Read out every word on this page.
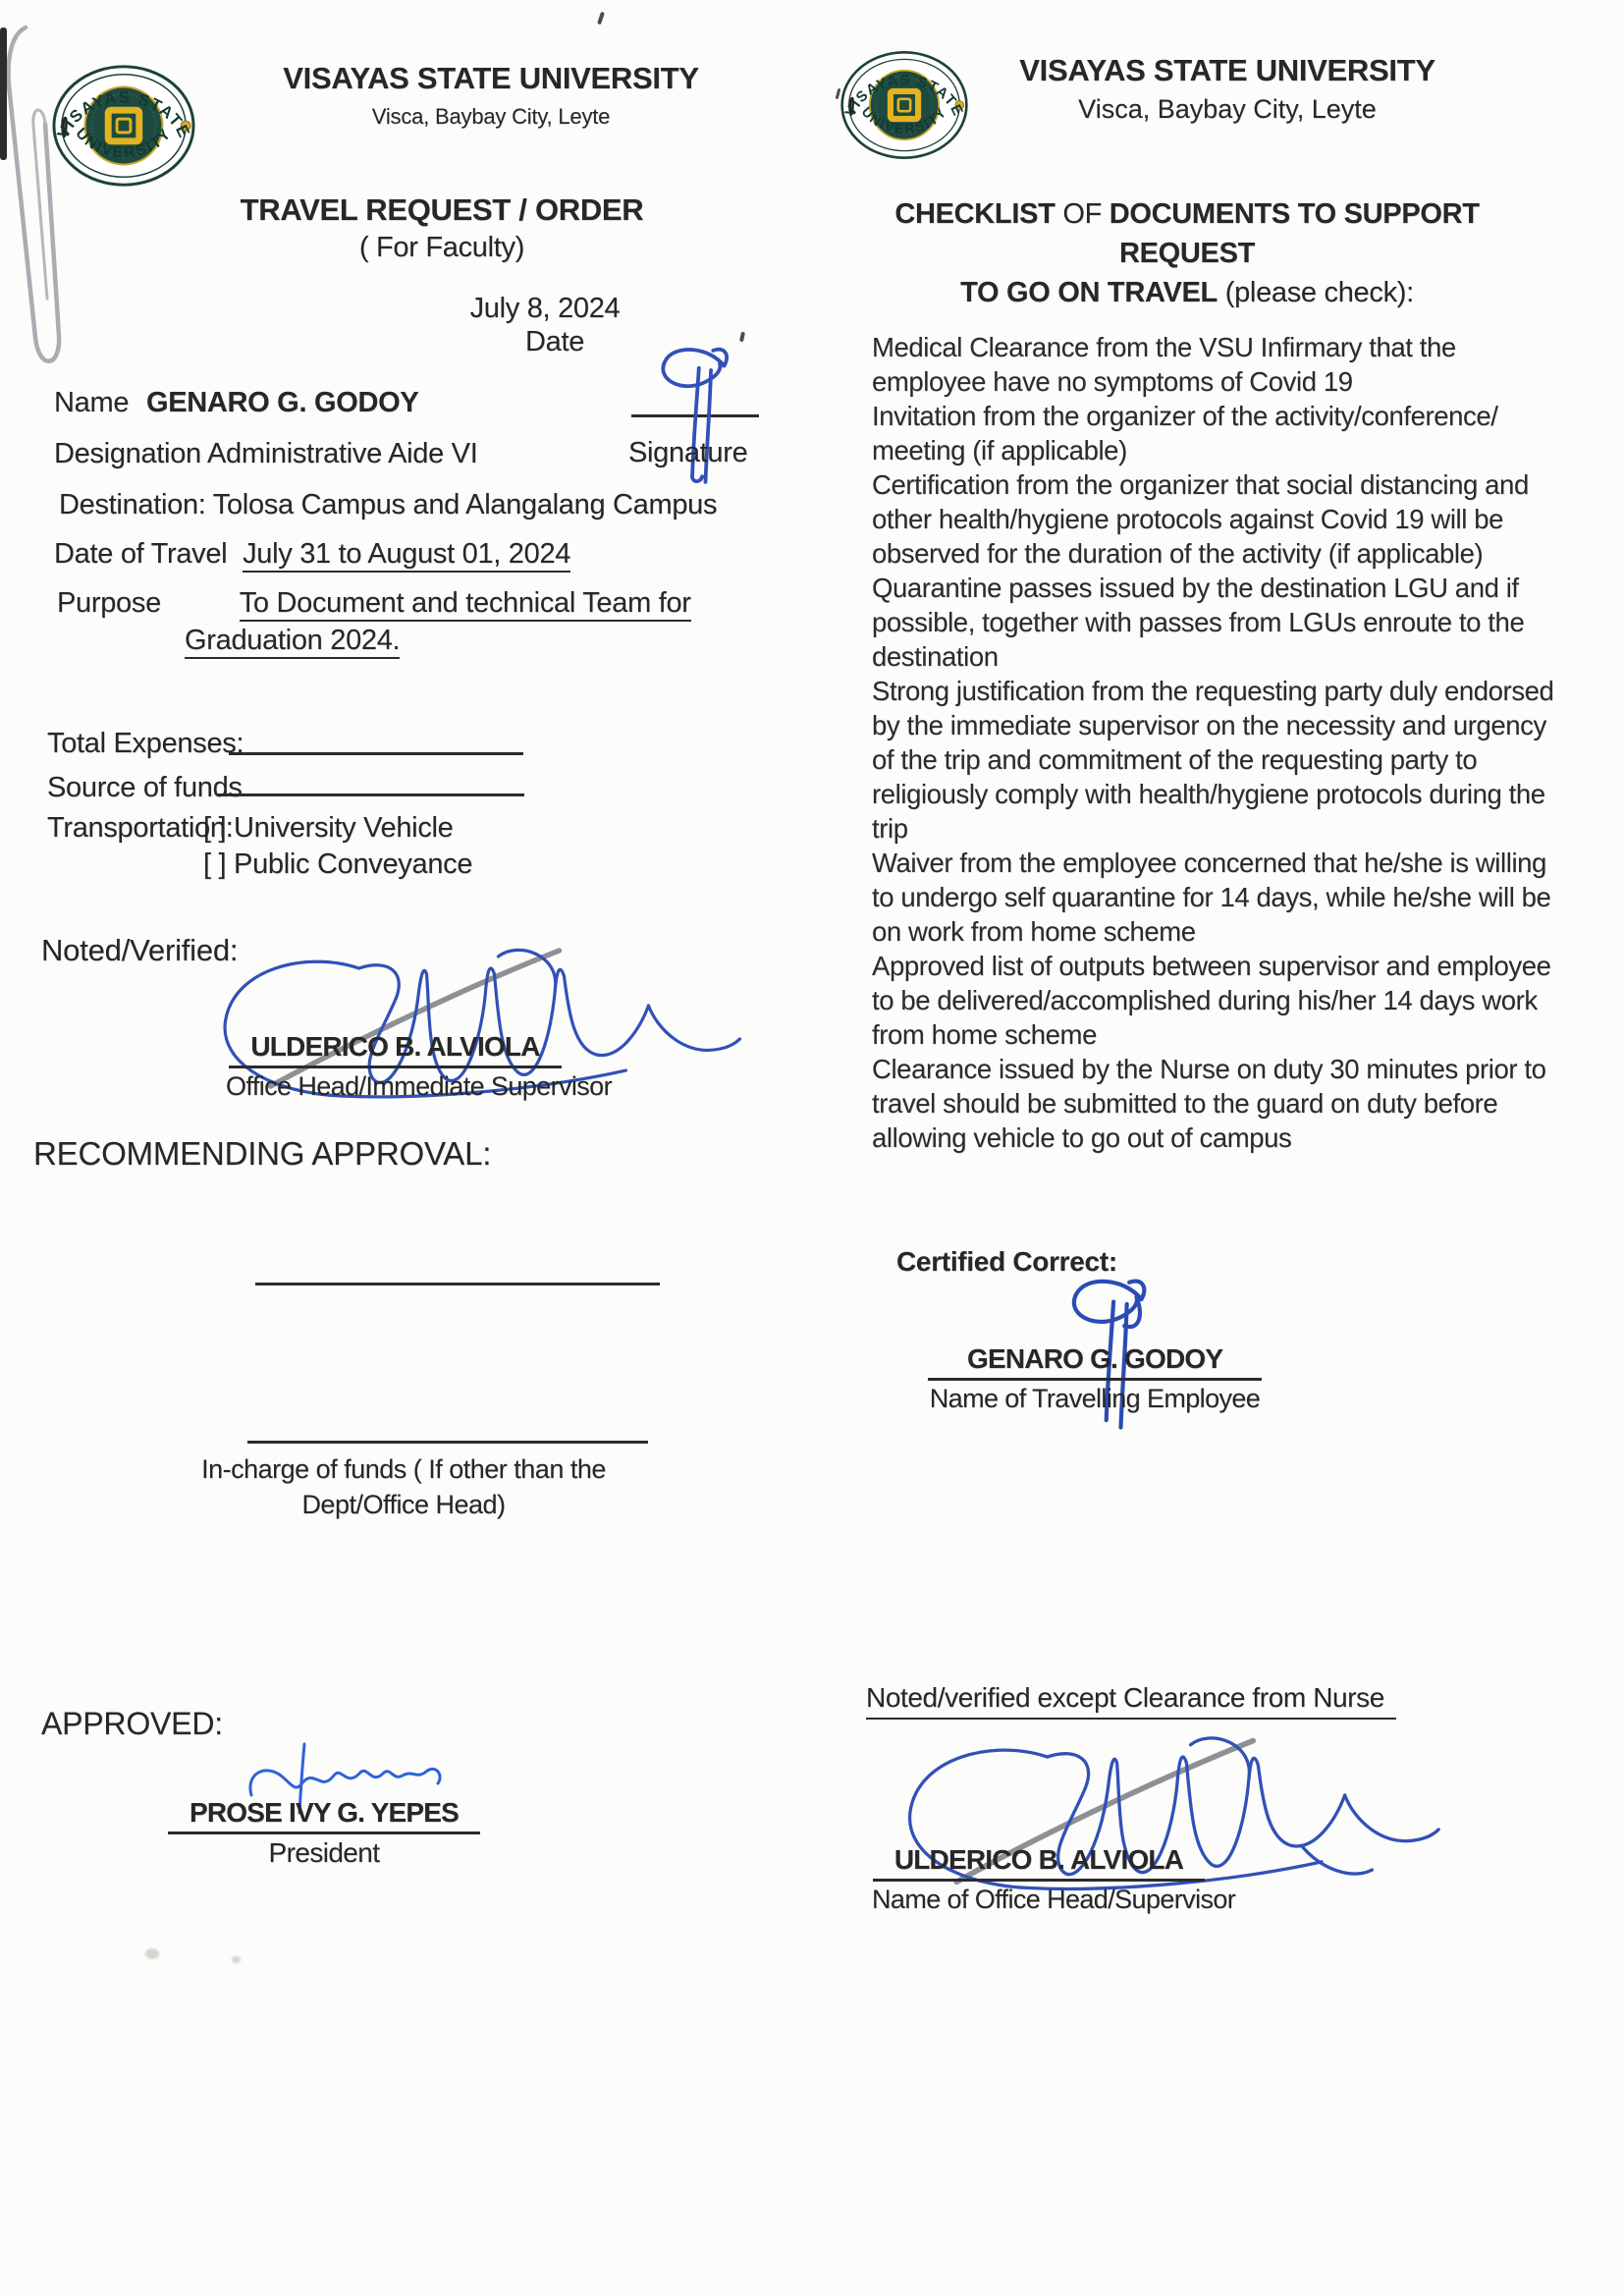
VISAYAS STATE
UNIVERSITY
VISAYAS STATE UNIVERSITY
Visca, Baybay City, Leyte
TRAVEL REQUEST / ORDER
( For Faculty)
July 8, 2024
Date
Signature
Name GENARO G. GODOY
Designation Administrative Aide VI
Destination: Tolosa Campus and Alangalang Campus
Date of Travel July 31 to August 01, 2024
Purpose	To Document and technical Team for
Graduation 2024.
Total Expenses:
Source of funds
Transportation:
[ ] University Vehicle
[ ] Public Conveyance
Noted/Verified:
ULDERICO B. ALVIOLA
Office Head/Immediate Supervisor
RECOMMENDING APPROVAL:
In-charge of funds ( If other than the
Dept/Office Head)
APPROVED:
PROSE IVY G. YEPES
President
VISAYAS STATE
UNIVERSITY
VISAYAS STATE UNIVERSITY
Visca, Baybay City, Leyte
CHECKLIST OF DOCUMENTS TO SUPPORT REQUEST
TO GO ON TRAVEL (please check):
Medical Clearance from the VSU Infirmary that the employee have no symptoms of Covid 19
Invitation from the organizer of the activity/conference/ meeting (if applicable)
Certification from the organizer that social distancing and other health/hygiene protocols against Covid 19 will be observed for the duration of the activity (if applicable)
Quarantine passes issued by the destination LGU and if possible, together with passes from LGUs enroute to the destination
Strong justification from the requesting party duly endorsed by the immediate supervisor on the necessity and urgency of the trip and commitment of the requesting party to religiously comply with health/hygiene protocols during the trip
Waiver from the employee concerned that he/she is willing to undergo self quarantine for 14 days, while he/she will be on work from home scheme
Approved list of outputs between supervisor and employee to be delivered/accomplished during his/her 14 days work from home scheme
Clearance issued by the Nurse on duty 30 minutes prior to travel should be submitted to the guard on duty before allowing vehicle to go out of campus
Certified Correct:
GENARO G. GODOY
Name of Travelling Employee
Noted/verified except Clearance from Nurse
ULDERICO B. ALVIOLA
Name of Office Head/Supervisor
